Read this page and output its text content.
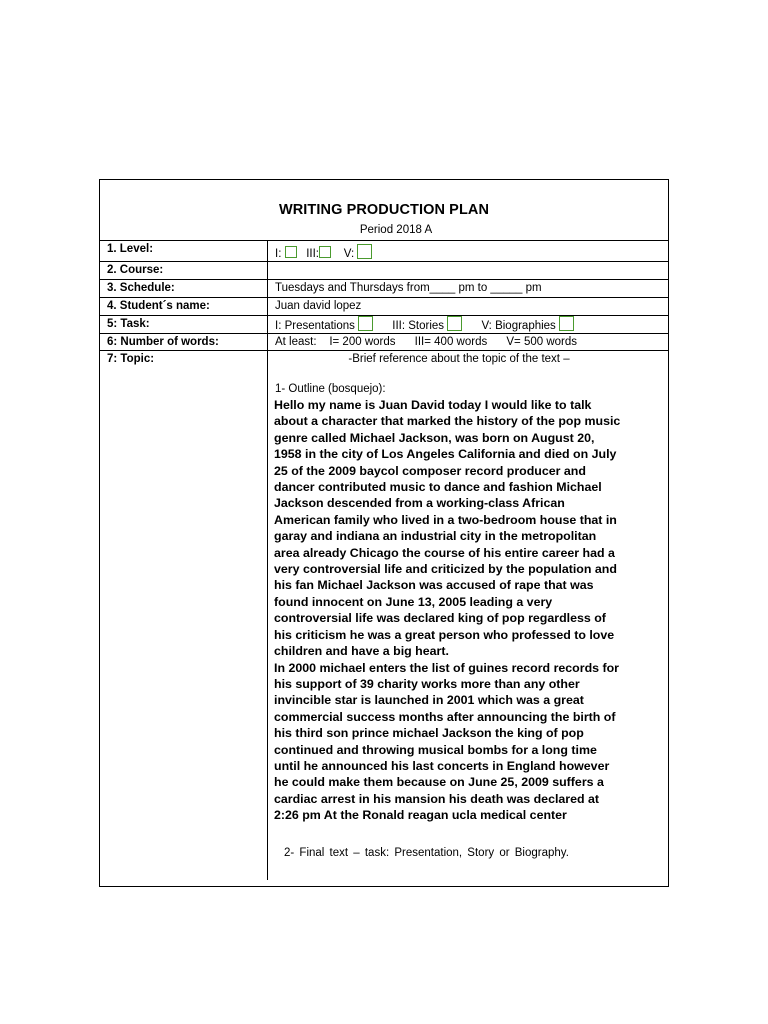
WRITING PRODUCTION PLAN
Period 2018 A
1. Level:	I: III: V:
2. Course:
3. Schedule:	Tuesdays and Thursdays from____ pm to _____ pm
4. Student´s name:	Juan david lopez
5: Task:	I: Presentations	III: Stories	V: Biographies
6: Number of words:	At least:    I= 200 words      III= 400 words      V= 500 words
7: Topic:	-Brief reference about the topic of the text –
1- Outline (bosquejo):
Hello my name is Juan David today I would like to talk
about a character that marked the history of the pop music
genre called Michael Jackson, was born on August 20,
1958 in the city of Los Angeles California and died on July
25 of the 2009 baycol composer record producer and
dancer contributed music to dance and fashion Michael
Jackson descended from a working-class African
American family who lived in a two-bedroom house that in
garay and indiana an industrial city in the metropolitan
area already Chicago the course of his entire career had a
very controversial life and criticized by the population and
his fan Michael Jackson was accused of rape that was
found innocent on June 13, 2005 leading a very
controversial life was declared king of pop regardless of
his criticism he was a great person who professed to love
children and have a big heart.
In 2000 michael enters the list of guines record records for
his support of 39 charity works more than any other
invincible star is launched in 2001 which was a great
commercial success months after announcing the birth of
his third son prince michael Jackson the king of pop
continued and throwing musical bombs for a long time
until he announced his last concerts in England however
he could make them because on June 25, 2009 suffers a
cardiac arrest in his mansion his death was declared at
2:26 pm At the Ronald reagan ucla medical center
2- Final text – task: Presentation, Story or Biography.
